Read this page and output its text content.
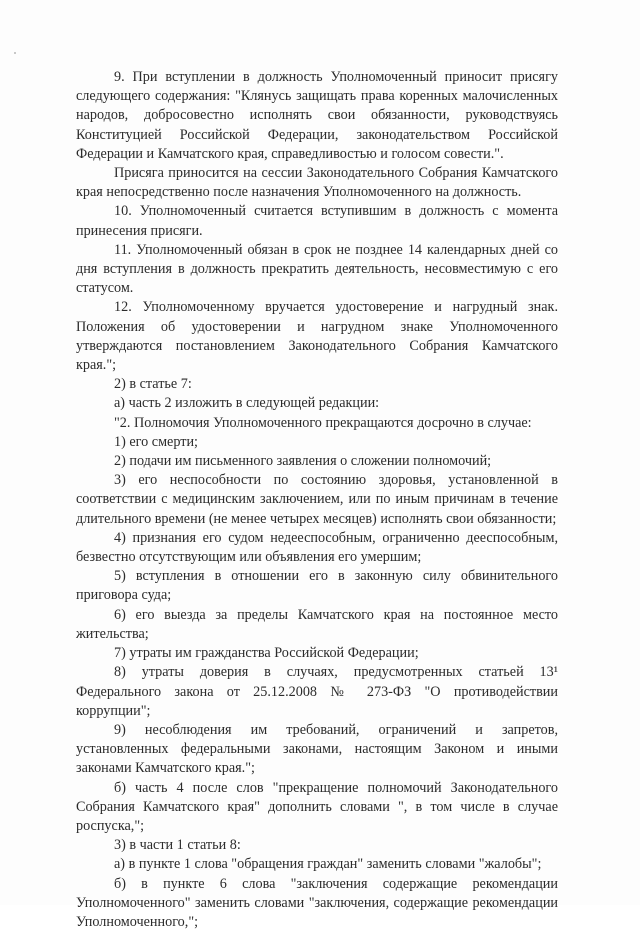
9. При вступлении в должность Уполномоченный приносит присягу следующего содержания: "Клянусь защищать права коренных малочисленных народов, добросовестно исполнять свои обязанности, руководствуясь Конституцией Российской Федерации, законодательством Российской Федерации и Камчатского края, справедливостью и голосом совести.".

Присяга приносится на сессии Законодательного Собрания Камчатского края непосредственно после назначения Уполномоченного на должность.

10. Уполномоченный считается вступившим в должность с момента принесения присяги.

11. Уполномоченный обязан в срок не позднее 14 календарных дней со дня вступления в должность прекратить деятельность, несовместимую с его статусом.

12. Уполномоченному вручается удостоверение и нагрудный знак. Положения об удостоверении и нагрудном знаке Уполномоченного утверждаются постановлением Законодательного Собрания Камчатского края.";

2) в статье 7:

а) часть 2 изложить в следующей редакции:

"2. Полномочия Уполномоченного прекращаются досрочно в случае:

1) его смерти;

2) подачи им письменного заявления о сложении полномочий;

3) его неспособности по состоянию здоровья, установленной в соответствии с медицинским заключением, или по иным причинам в течение длительного времени (не менее четырех месяцев) исполнять свои обязанности;

4) признания его судом недееспособным, ограниченно дееспособным, безвестно отсутствующим или объявления его умершим;

5) вступления в отношении его в законную силу обвинительного приговора суда;

6) его выезда за пределы Камчатского края на постоянное место жительства;

7) утраты им гражданства Российской Федерации;

8) утраты доверия в случаях, предусмотренных статьей 13¹ Федерального закона от 25.12.2008 № 273-ФЗ "О противодействии коррупции";

9) несоблюдения им требований, ограничений и запретов, установленных федеральными законами, настоящим Законом и иными законами Камчатского края.";

б) часть 4 после слов "прекращение полномочий Законодательного Собрания Камчатского края" дополнить словами ", в том числе в случае роспуска,";

3) в части 1 статьи 8:

а) в пункте 1 слова "обращения граждан" заменить словами "жалобы";

б) в пункте 6 слова "заключения содержащие рекомендации Уполномоченного" заменить словами "заключения, содержащие рекомендации Уполномоченного,";
